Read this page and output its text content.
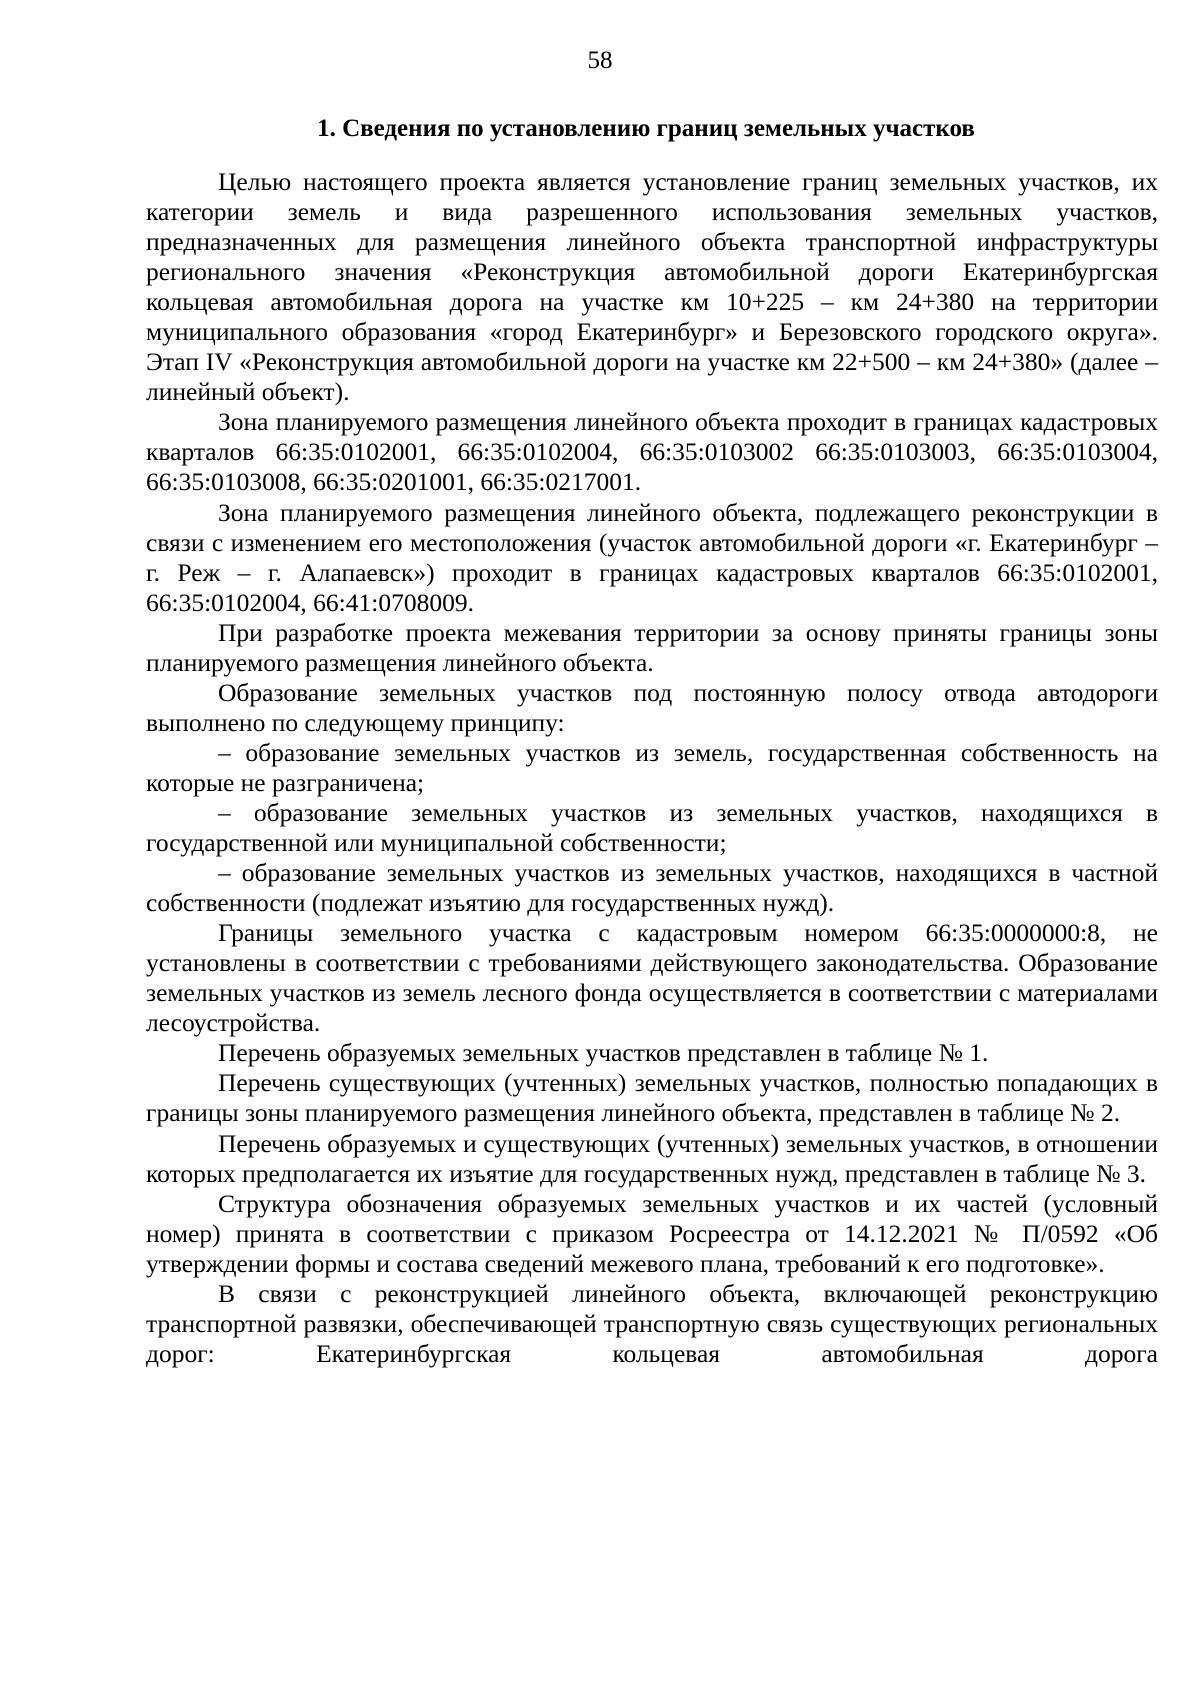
58
1. Сведения по установлению границ земельных участков

Целью настоящего проекта является установление границ земельных участков, их категории земель и вида разрешенного использования земельных участков, предназначенных для размещения линейного объекта транспортной инфраструктуры регионального значения «Реконструкция автомобильной дороги Екатеринбургская кольцевая автомобильная дорога на участке км 10+225 – км 24+380 на территории муниципального образования «город Екатеринбург» и Березовского городского округа». Этап IV «Реконструкция автомобильной дороги на участке км 22+500 – км 24+380» (далее – линейный объект).

Зона планируемого размещения линейного объекта проходит в границах кадастровых кварталов 66:35:0102001, 66:35:0102004, 66:35:0103002 66:35:0103003, 66:35:0103004, 66:35:0103008, 66:35:0201001, 66:35:0217001.

Зона планируемого размещения линейного объекта, подлежащего реконструкции в связи с изменением его местоположения (участок автомобильной дороги «г. Екатеринбург – г. Реж – г. Алапаевск») проходит в границах кадастровых кварталов 66:35:0102001, 66:35:0102004, 66:41:0708009.

При разработке проекта межевания территории за основу приняты границы зоны планируемого размещения линейного объекта.

Образование земельных участков под постоянную полосу отвода автодороги выполнено по следующему принципу:

– образование земельных участков из земель, государственная собственность на которые не разграничена;

– образование земельных участков из земельных участков, находящихся в государственной или муниципальной собственности;

– образование земельных участков из земельных участков, находящихся в частной собственности (подлежат изъятию для государственных нужд).

Границы земельного участка с кадастровым номером 66:35:0000000:8, не установлены в соответствии с требованиями действующего законодательства. Образование земельных участков из земель лесного фонда осуществляется в соответствии с материалами лесоустройства.

Перечень образуемых земельных участков представлен в таблице № 1.

Перечень существующих (учтенных) земельных участков, полностью попадающих в границы зоны планируемого размещения линейного объекта, представлен в таблице № 2.

Перечень образуемых и существующих (учтенных) земельных участков, в отношении которых предполагается их изъятие для государственных нужд, представлен в таблице № 3.

Структура обозначения образуемых земельных участков и их частей (условный номер) принята в соответствии с приказом Росреестра от 14.12.2021 № П/0592 «Об утверждении формы и состава сведений межевого плана, требований к его подготовке».

В связи с реконструкцией линейного объекта, включающей реконструкцию транспортной развязки, обеспечивающей транспортную связь существующих региональных дорог: Екатеринбургская кольцевая автомобильная дорога
